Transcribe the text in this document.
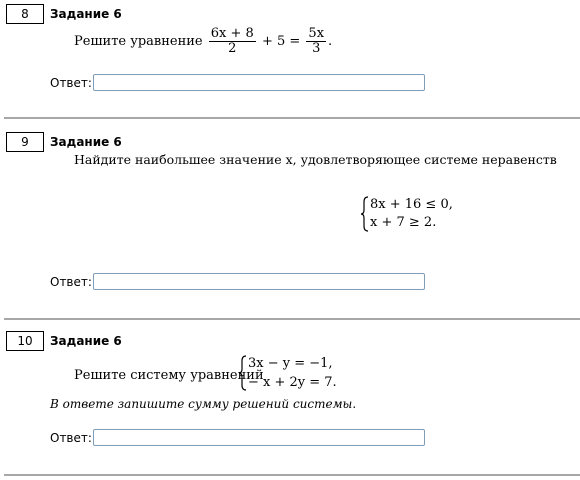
8	Задание 6
Решите уравнение $\frac{6x + 8}{2} + 5 = \frac{5x}{3}$ .
Ответ:
9	Задание 6
Найдите наибольшее значение x, удовлетворяющее системе неравенств
8x + 16 ≤ 0,
x + 7 ≥ 2.
Ответ:
10	Задание 6
Решите систему уравнений
3x − y = −1,
− x + 2y = 7.
В ответе запишите сумму решений системы.
Ответ:
